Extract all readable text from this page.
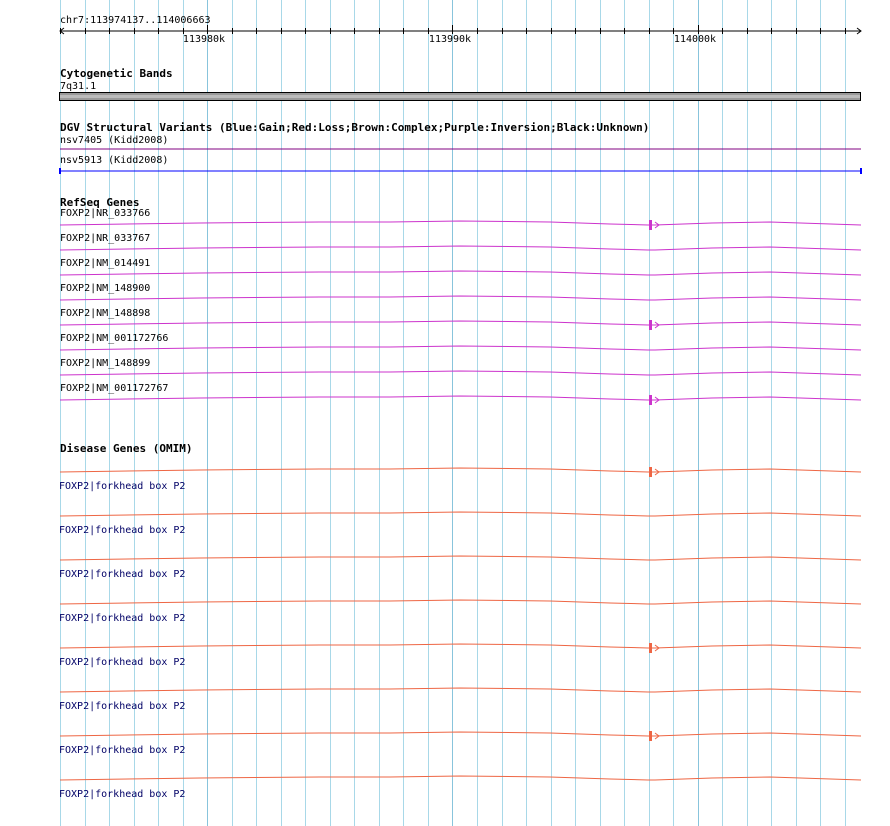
chr7:113974137..114006663
113980k	113990k	114000k
Cytogenetic Bands
7q31.1
DGV Structural Variants (Blue:Gain;Red:Loss;Brown:Complex;Purple:Inversion;Black:Unknown)
nsv7405 (Kidd2008)
nsv5913 (Kidd2008)
RefSeq Genes
FOXP2|NR_033766
FOXP2|NR_033767
FOXP2|NM_014491
FOXP2|NM_148900
FOXP2|NM_148898
FOXP2|NM_001172766
FOXP2|NM_148899
FOXP2|NM_001172767
Disease Genes (OMIM)
FOXP2|forkhead box P2
FOXP2|forkhead box P2
FOXP2|forkhead box P2
FOXP2|forkhead box P2
FOXP2|forkhead box P2
FOXP2|forkhead box P2
FOXP2|forkhead box P2
FOXP2|forkhead box P2
